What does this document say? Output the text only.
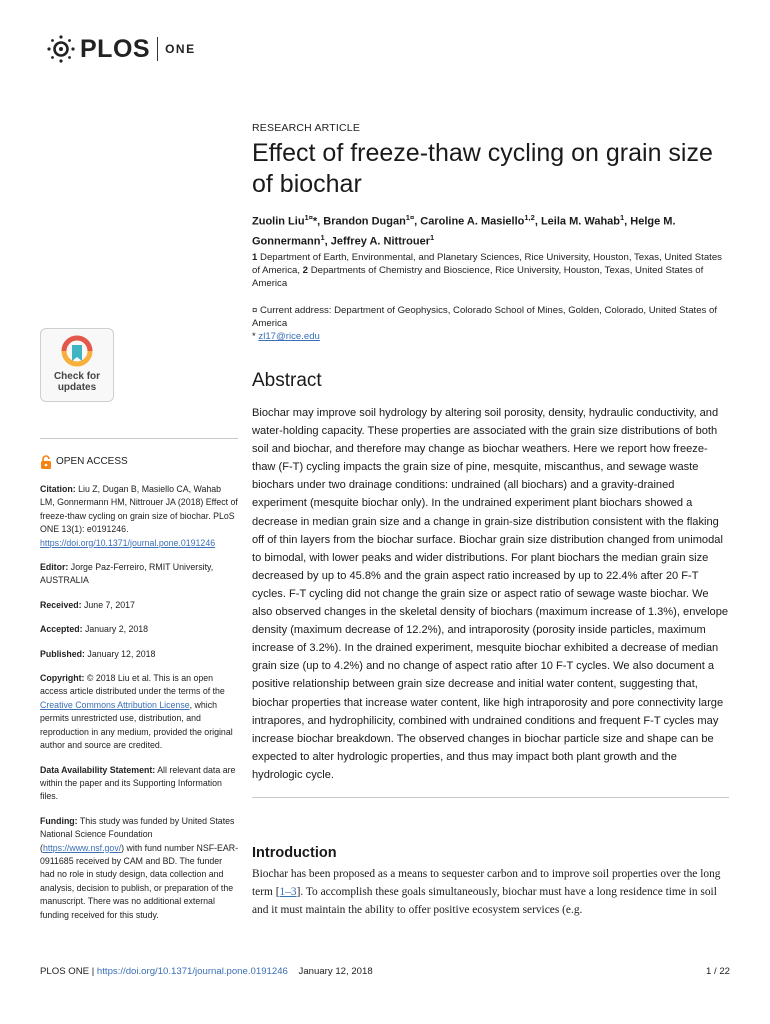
PLOS ONE
RESEARCH ARTICLE
Effect of freeze-thaw cycling on grain size of biochar
Zuolin Liu$^{1¤}$*, Brandon Dugan$^{1¤}$, Caroline A. Masiello$^{1,2}$, Leila M. Wahab$^1$, Helge M. Gonnermann$^1$, Jeffrey A. Nittrouer$^1$
1 Department of Earth, Environmental, and Planetary Sciences, Rice University, Houston, Texas, United States of America, 2 Departments of Chemistry and Bioscience, Rice University, Houston, Texas, United States of America
¤ Current address: Department of Geophysics, Colorado School of Mines, Golden, Colorado, United States of America
* zl17@rice.edu
Check for
updates
OPEN ACCESS

Citation: Liu Z, Dugan B, Masiello CA, Wahab LM, Gonnermann HM, Nittrouer JA (2018) Effect of freeze-thaw cycling on grain size of biochar. PLoS ONE 13(1): e0191246. https://doi.org/10.1371/journal.pone.0191246

Editor: Jorge Paz-Ferreiro, RMIT University, AUSTRALIA

Received: June 7, 2017

Accepted: January 2, 2018

Published: January 12, 2018

Copyright: © 2018 Liu et al. This is an open access article distributed under the terms of the Creative Commons Attribution License, which permits unrestricted use, distribution, and reproduction in any medium, provided the original author and source are credited.

Data Availability Statement: All relevant data are within the paper and its Supporting Information files.

Funding: This study was funded by United States National Science Foundation (https://www.nsf.gov/) with fund number NSF-EAR-0911685 received by CAM and BD. The funder had no role in study design, data collection and analysis, decision to publish, or preparation of the manuscript. There was no additional external funding received for this study.

Abstract

Biochar may improve soil hydrology by altering soil porosity, density, hydraulic conductivity, and water-holding capacity. These properties are associated with the grain size distributions of both soil and biochar, and therefore may change as biochar weathers. Here we report how freeze-thaw (F-T) cycling impacts the grain size of pine, mesquite, miscanthus, and sewage waste biochars under two drainage conditions: undrained (all biochars) and a gravity-drained experiment (mesquite biochar only). In the undrained experiment plant biochars showed a decrease in median grain size and a change in grain-size distribution consistent with the flaking off of thin layers from the biochar surface. Biochar grain size distribution changed from unimodal to bimodal, with lower peaks and wider distributions. For plant biochars the median grain size decreased by up to 45.8% and the grain aspect ratio increased by up to 22.4% after 20 F-T cycles. F-T cycling did not change the grain size or aspect ratio of sewage waste biochar. We also observed changes in the skeletal density of biochars (maximum increase of 1.3%), envelope density (maximum decrease of 12.2%), and intraporosity (porosity inside particles, maximum increase of 3.2%). In the drained experiment, mesquite biochar exhibited a decrease of median grain size (up to 4.2%) and no change of aspect ratio after 10 F-T cycles. We also document a positive relationship between grain size decrease and initial water content, suggesting that, biochar properties that increase water content, like high intraporosity and pore connectivity large intrapores, and hydrophilicity, combined with undrained conditions and frequent F-T cycles may increase biochar breakdown. The observed changes in biochar particle size and shape can be expected to alter hydrologic properties, and thus may impact both plant growth and the hydrologic cycle.

Introduction

Biochar has been proposed as a means to sequester carbon and to improve soil properties over the long term [1–3]. To accomplish these goals simultaneously, biochar must have a long residence time in soil and it must maintain the ability to offer positive ecosystem services (e.g.

PLOS ONE | https://doi.org/10.1371/journal.pone.0191246 January 12, 2018	1 / 22
